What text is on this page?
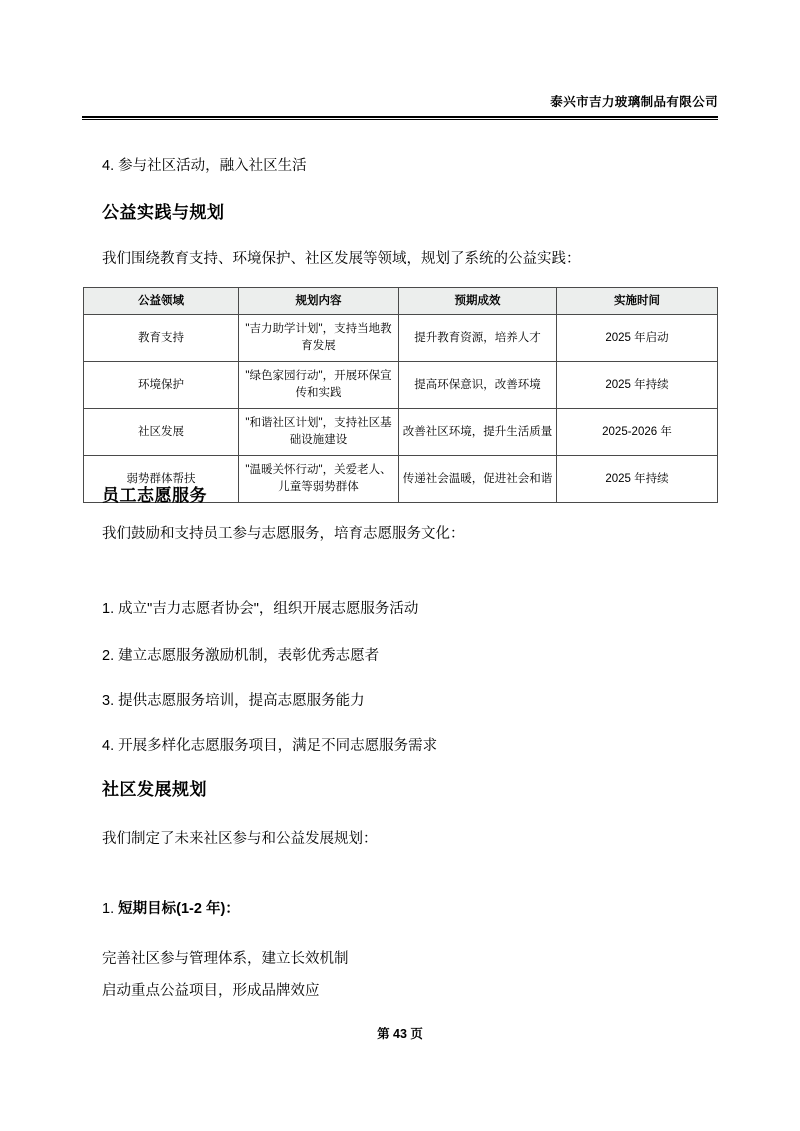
泰兴市吉力玻璃制品有限公司

4. 参与社区活动，融入社区生活

公益实践与规划

我们围绕教育支持、环境保护、社区发展等领域，规划了系统的公益实践：

公益领域	规划内容	预期成效	实施时间
教育支持	"吉力助学计划"，支持当地教育发展	提升教育资源，培养人才	2025 年启动
环境保护	"绿色家园行动"，开展环保宣传和实践	提高环保意识，改善环境	2025 年持续
社区发展	"和谐社区计划"，支持社区基础设施建设	改善社区环境，提升生活质量	2025-2026 年
弱势群体帮扶	"温暖关怀行动"，关爱老人、儿童等弱势群体	传递社会温暖，促进社会和谐	2025 年持续
员工志愿服务

我们鼓励和支持员工参与志愿服务，培育志愿服务文化：

1. 成立"吉力志愿者协会"，组织开展志愿服务活动
2. 建立志愿服务激励机制，表彰优秀志愿者
3. 提供志愿服务培训，提高志愿服务能力
4. 开展多样化志愿服务项目，满足不同志愿服务需求
社区发展规划

我们制定了未来社区参与和公益发展规划：

1. 短期目标(1-2 年)：

完善社区参与管理体系，建立长效机制

启动重点公益项目，形成品牌效应

第 43 页
